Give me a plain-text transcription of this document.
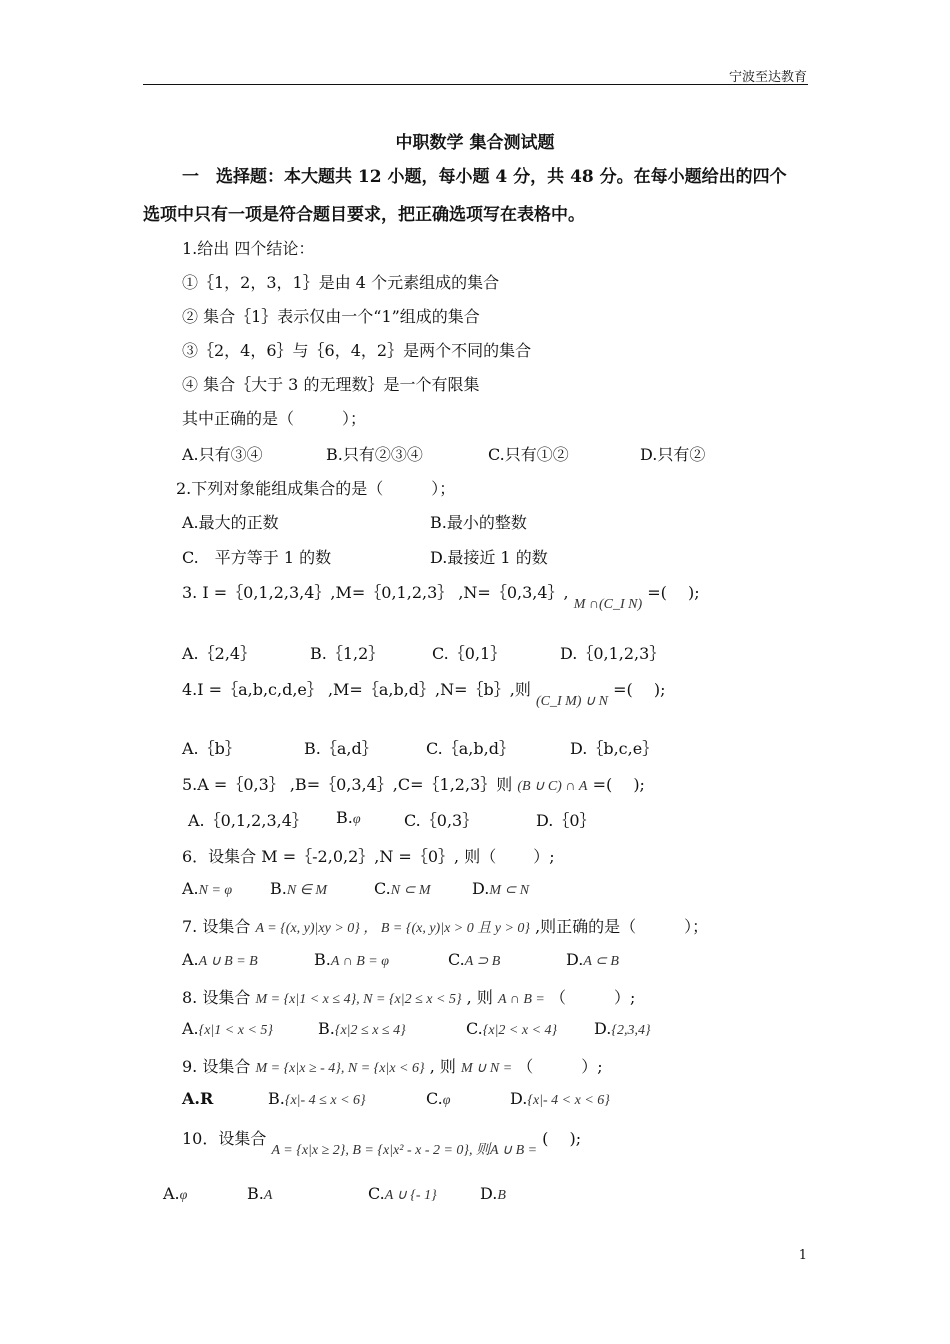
宁波至达教育
中职数学 集合测试题
一　选择题：本大题共 12 小题，每小题 4 分，共 48 分。在每小题给出的四个
选项中只有一项是符合题目要求，把正确选项写在表格中。
1.给出 四个结论：
①｛1，2，3，1｝是由 4 个元素组成的集合
② 集合｛1｝表示仅由一个“1”组成的集合
③｛2，4，6｝与｛6，4，2｝是两个不同的集合
④ 集合｛大于 3 的无理数｝是一个有限集
其中正确的是（　　　）；
A.只有③④	B.只有②③④	C.只有①②	D.只有②
2.下列对象能组成集合的是（　　　）；
A.最大的正数	B.最小的整数
C.　平方等于 1 的数	D.最接近 1 的数
3. I =｛0,1,2,3,4｝,M=｛0,1,2,3｝ ,N=｛0,3,4｝, M ∩(C_I N) =(　 );
A.｛2,4｝	B.｛1,2｝	C.｛0,1｝	D.｛0,1,2,3｝
4.I =｛a,b,c,d,e｝ ,M=｛a,b,d｝,N=｛b｝,则 (C_I M) ∪ N =(　 );
A.｛b｝	B.｛a,d｝	C.｛a,b,d｝	D.｛b,c,e｝
5.A =｛0,3｝ ,B=｛0,3,4｝,C=｛1,2,3｝则 (B ∪ C) ∩ A =(　 );
A.｛0,1,2,3,4｝ B.φ	C.｛0,3｝	D.｛0｝
6．设集合 M =｛-2,0,2｝,N =｛0｝, 则（　　 ）;
A.N = φ B.N ∈ M	C.N ⊂ M	D.M ⊂ N
7. 设集合 A = {(x, y)|xy > 0} ， B = {(x, y)|x > 0 且 y > 0} ,则正确的是（　　　）；
A.A ∪ B = B	B.A ∩ B = φ	C.A ⊃ B	D.A ⊂ B
8. 设集合 M = {x|1 < x ≤ 4}, N = {x|2 ≤ x < 5} , 则 A ∩ B = （　　　）;
A.{x|1 < x < 5}	B.{x|2 ≤ x ≤ 4}	C.{x|2 < x < 4} D.{2,3,4}
9. 设集合 M = {x|x ≥ - 4}, N = {x|x < 6} , 则 M ∪ N = （　　　）;
A.R	B.{x|- 4 ≤ x < 6}	C.φ	D.{x|- 4 < x < 6}
10．设集合 A = {x|x ≥ 2}, B = {x|x² - x - 2 = 0}, 则A ∪ B = (　 );
A.φ	B.A	C.A ∪ {- 1}	D.B
1
